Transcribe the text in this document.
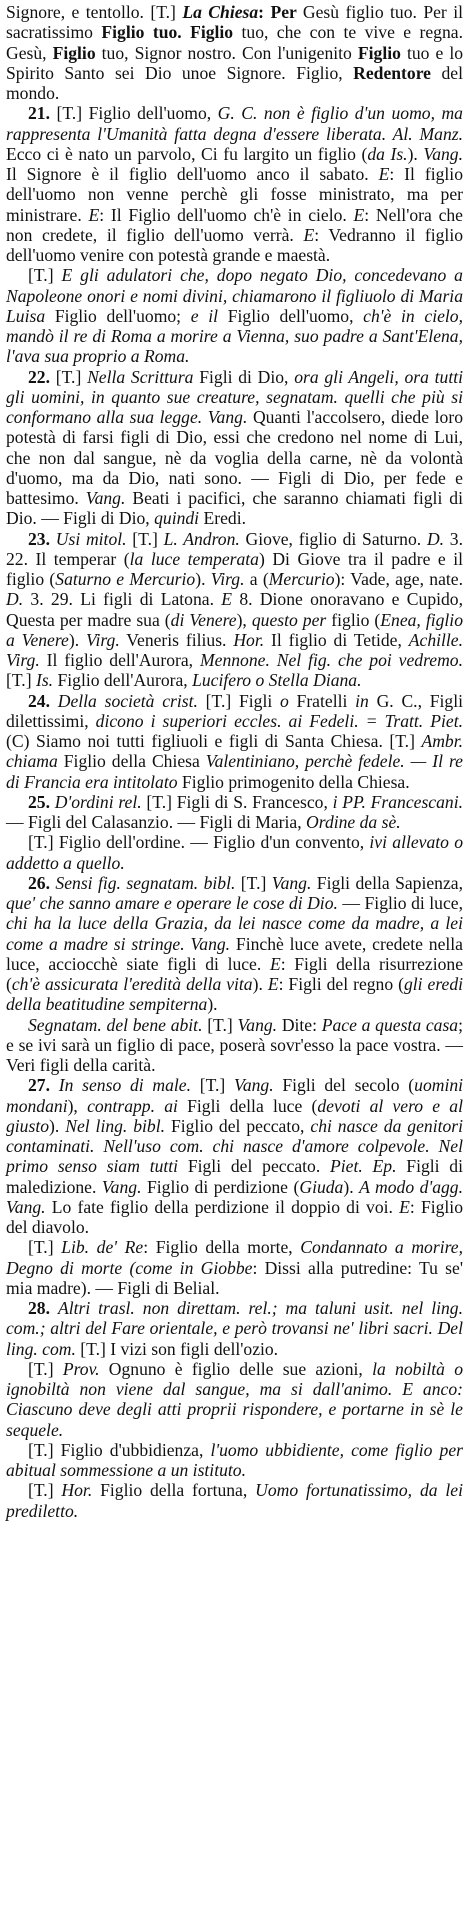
Signore, e tentollo. [T.] La Chiesa: Per Gesù figlio tuo. Per il sacratissimo Figlio tuo. Figlio tuo, che con te vive e regna. Gesù, Figlio tuo, Signor nostro. Con l'unigenito Figlio tuo e lo Spirito Santo sei Dio unoe Signore. Figlio, Redentore del mondo.

21. [T.] Figlio dell'uomo, G. C. non è figlio d'un uomo, ma rappresenta l'Umanità fatta degna d'essere liberata. Al. Manz. Ecco ci è nato un parvolo, Ci fu largito un figlio (da Is.). Vang. Il Signore è il figlio dell'uomo anco il sabato. E: Il figlio dell'uomo non venne perchè gli fosse ministrato, ma per ministrare. E: Il Figlio dell'uomo ch'è in cielo. E: Nell'ora che non credete, il figlio dell'uomo verrà. E: Vedranno il figlio dell'uomo venire con potestà grande e maestà.

[T.] E gli adulatori che, dopo negato Dio, concedevano a Napoleone onori e nomi divini, chiamarono il figliuolo di Maria Luisa Figlio dell'uomo; e il Figlio dell'uomo, ch'è in cielo, mandò il re di Roma a morire a Vienna, suo padre a Sant'Elena, l'ava sua proprio a Roma.

22. [T.] Nella Scrittura Figli di Dio, ora gli Angeli, ora tutti gli uomini, in quanto sue creature, segnatam. quelli che più si conformano alla sua legge. Vang. Quanti l'accolsero, diede loro potestà di farsi figli di Dio, essi che credono nel nome di Lui, che non dal sangue, nè da voglia della carne, nè da volontà d'uomo, ma da Dio, nati sono. — Figli di Dio, per fede e battesimo. Vang. Beati i pacifici, che saranno chiamati figli di Dio. — Figli di Dio, quindi Eredi.

23. Usi mitol. [T.] L. Andron. Giove, figlio di Saturno. D. 3. 22. Il temperar (la luce temperata) Di Giove tra il padre e il figlio (Saturno e Mercurio). Virg. a (Mercurio): Vade, age, nate. D. 3. 29. Li figli di Latona. E 8. Dione onoravano e Cupido, Questa per madre sua (di Venere), questo per figlio (Enea, figlio a Venere). Virg. Veneris filius. Hor. Il figlio di Tetide, Achille. Virg. Il figlio dell'Aurora, Mennone. Nel fig. che poi vedremo. [T.] Is. Figlio dell'Aurora, Lucifero o Stella Diana.

24. Della società crist. [T.] Figli o Fratelli in G. C., Figli dilettissimi, dicono i superiori eccles. ai Fedeli. = Tratt. Piet. (C) Siamo noi tutti figliuoli e figli di Santa Chiesa. [T.] Ambr. chiama Figlio della Chiesa Valentiniano, perchè fedele. — Il re di Francia era intitolato Figlio primogenito della Chiesa.

25. D'ordini rel. [T.] Figli di S. Francesco, i PP. Francescani. — Figli del Calasanzio. — Figli di Maria, Ordine da sè.

[T.] Figlio dell'ordine. — Figlio d'un convento, ivi allevato o addetto a quello.

26. Sensi fig. segnatam. bibl. [T.] Vang. Figli della Sapienza, que' che sanno amare e operare le cose di Dio. — Figlio di luce, chi ha la luce della Grazia, da lei nasce come da madre, a lei come a madre si stringe. Vang. Finchè luce avete, credete nella luce, acciocchè siate figli di luce. E: Figli della risurrezione (ch'è assicurata l'eredità della vita). E: Figli del regno (gli eredi della beatitudine sempiterna).

Segnatam. del bene abit. [T.] Vang. Dite: Pace a questa casa; e se ivi sarà un figlio di pace, poserà sovr'esso la pace vostra. — Veri figli della carità.

27. In senso di male. [T.] Vang. Figli del secolo (uomini mondani), contrapp. ai Figli della luce (devoti al vero e al giusto). Nel ling. bibl. Figlio del peccato, chi nasce da genitori contaminati. Nell'uso com. chi nasce d'amore colpevole. Nel primo senso siam tutti Figli del peccato. Piet. Ep. Figli di maledizione. Vang. Figlio di perdizione (Giuda). A modo d'agg. Vang. Lo fate figlio della perdizione il doppio di voi. E: Figlio del diavolo.

[T.] Lib. de' Re: Figlio della morte, Condannato a morire, Degno di morte (come in Giobbe: Dissi alla putredine: Tu se' mia madre). — Figli di Belial.

28. Altri trasl. non direttam. rel.; ma taluni usit. nel ling. com.; altri del Fare orientale, e però trovansi ne' libri sacri. Del ling. com. [T.] I vizi son figli dell'ozio.

[T.] Prov. Ognuno è figlio delle sue azioni, la nobiltà o ignobiltà non viene dal sangue, ma si dall'animo. E anco: Ciascuno deve degli atti proprii rispondere, e portarne in sè le sequele.

[T.] Figlio d'ubbidienza, l'uomo ubbidiente, come figlio per abitual sommessione a un istituto.

[T.] Hor. Figlio della fortuna, Uomo fortunatissimo, da lei prediletto.
